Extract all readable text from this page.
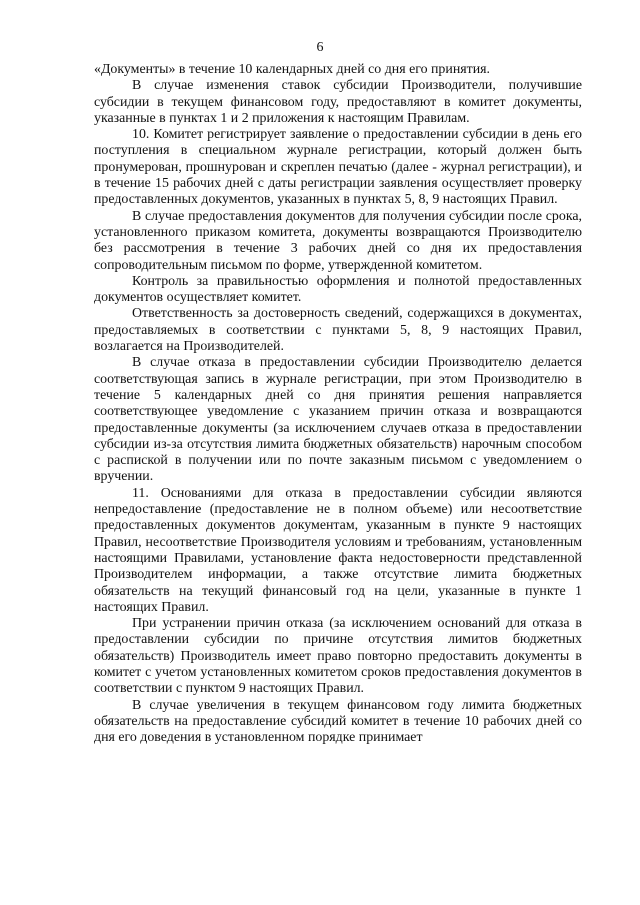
6

«Документы» в течение 10 календарных дней со дня его принятия.

В случае изменения ставок субсидии Производители, получившие субсидии в текущем финансовом году, предоставляют в комитет документы, указанные в пунктах 1 и 2 приложения к настоящим Правилам.

10. Комитет регистрирует заявление о предоставлении субсидии в день его поступления в специальном журнале регистрации, который должен быть пронумерован, прошнурован и скреплен печатью (далее - журнал регистрации), и в течение 15 рабочих дней с даты регистрации заявления осуществляет проверку предоставленных документов, указанных в пунктах 5, 8, 9 настоящих Правил.

В случае предоставления документов для получения субсидии после срока, установленного приказом комитета, документы возвращаются Производителю без рассмотрения в течение 3 рабочих дней со дня их предоставления сопроводительным письмом по форме, утвержденной комитетом.

Контроль за правильностью оформления и полнотой предоставленных документов осуществляет комитет.

Ответственность за достоверность сведений, содержащихся в документах, предоставляемых в соответствии с пунктами 5, 8, 9 настоящих Правил, возлагается на Производителей.

В случае отказа в предоставлении субсидии Производителю делается соответствующая запись в журнале регистрации, при этом Производителю в течение 5 календарных дней со дня принятия решения направляется соответствующее уведомление с указанием причин отказа и возвращаются предоставленные документы (за исключением случаев отказа в предоставлении субсидии из-за отсутствия лимита бюджетных обязательств) нарочным способом с распиской в получении или по почте заказным письмом с уведомлением о вручении.

11. Основаниями для отказа в предоставлении субсидии являются непредоставление (предоставление не в полном объеме) или несоответствие предоставленных документов документам, указанным в пункте 9 настоящих Правил, несоответствие Производителя условиям и требованиям, установленным настоящими Правилами, установление факта недостоверности представленной Производителем информации, а также отсутствие лимита бюджетных обязательств на текущий финансовый год на цели, указанные в пункте 1 настоящих Правил.

При устранении причин отказа (за исключением оснований для отказа в предоставлении субсидии по причине отсутствия лимитов бюджетных обязательств) Производитель имеет право повторно предоставить документы в комитет с учетом установленных комитетом сроков предоставления документов в соответствии с пунктом 9 настоящих Правил.

В случае увеличения в текущем финансовом году лимита бюджетных обязательств на предоставление субсидий комитет в течение 10 рабочих дней со дня его доведения в установленном порядке принимает
